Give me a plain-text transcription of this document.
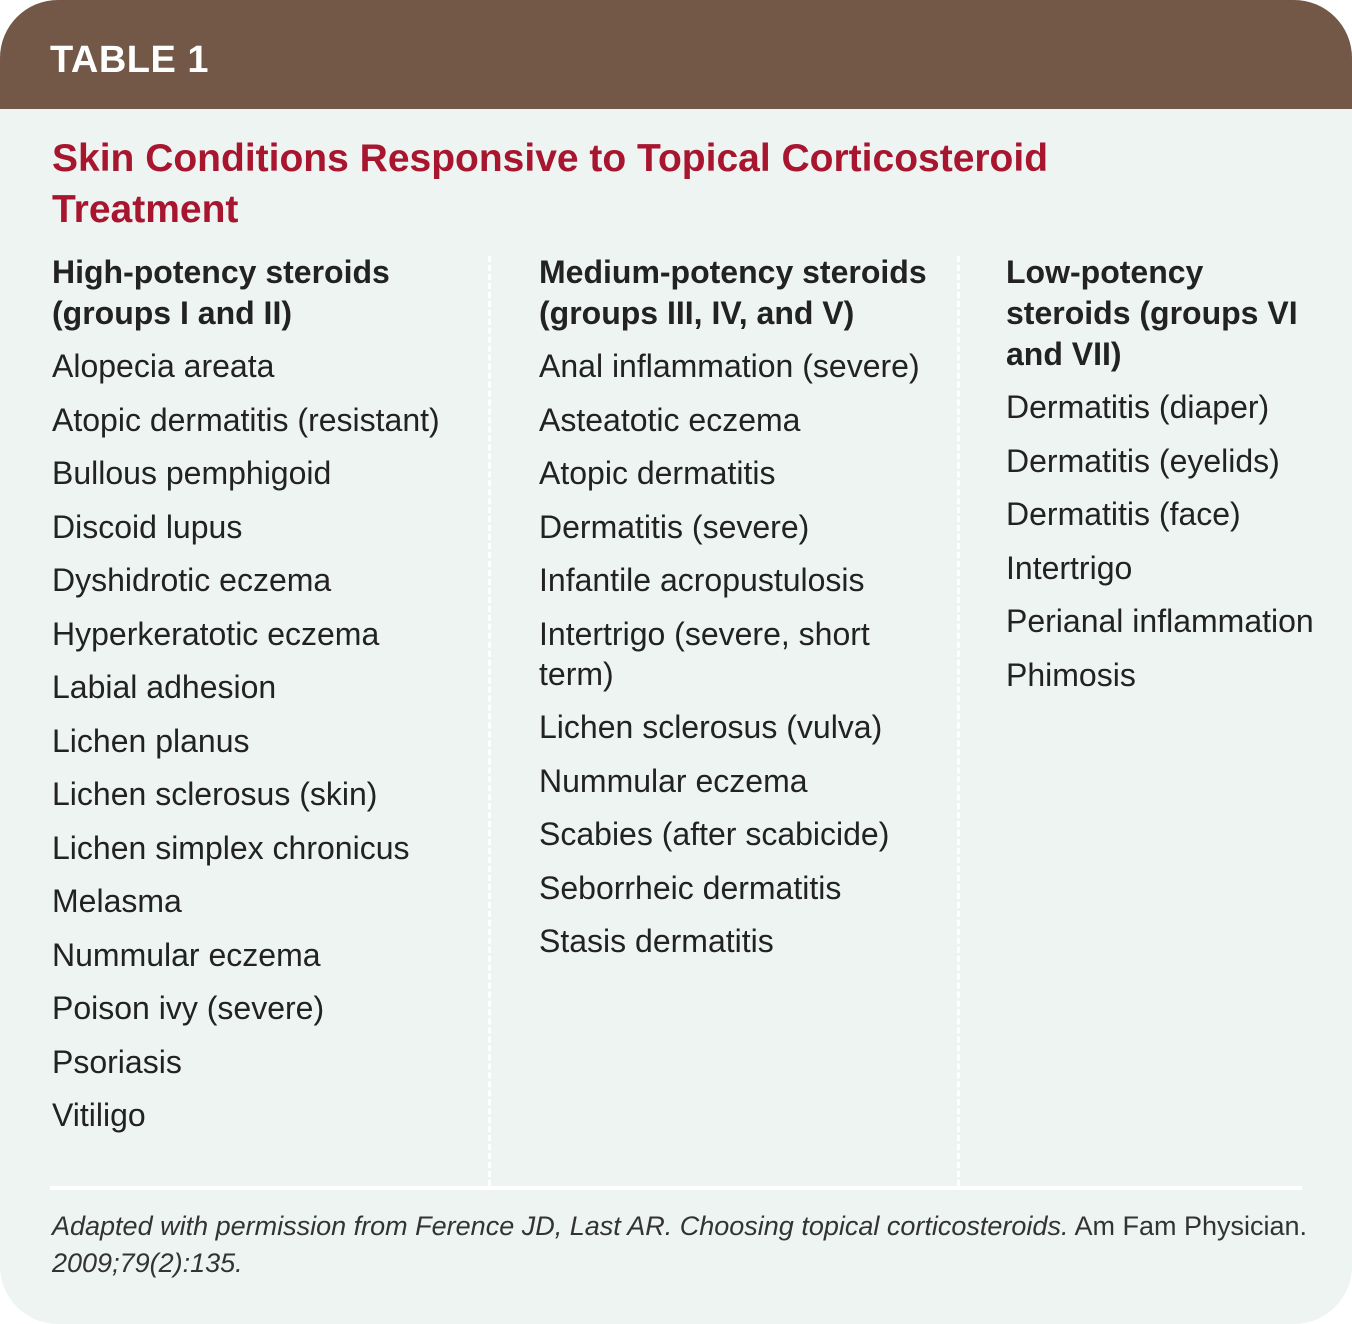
TABLE 1
Skin Conditions Responsive to Topical Corticosteroid Treatment
High-potency steroids (groups I and II)
Alopecia areata
Atopic dermatitis (resistant)
Bullous pemphigoid
Discoid lupus
Dyshidrotic eczema
Hyperkeratotic eczema
Labial adhesion
Lichen planus
Lichen sclerosus (skin)
Lichen simplex chronicus
Melasma
Nummular eczema
Poison ivy (severe)
Psoriasis
Vitiligo
Medium-potency steroids (groups III, IV, and V)
Anal inflammation (severe)
Asteatotic eczema
Atopic dermatitis
Dermatitis (severe)
Infantile acropustulosis
Intertrigo (severe, short term)
Lichen sclerosus (vulva)
Nummular eczema
Scabies (after scabicide)
Seborrheic dermatitis
Stasis dermatitis
Low-potency steroids (groups VI and VII)
Dermatitis (diaper)
Dermatitis (eyelids)
Dermatitis (face)
Intertrigo
Perianal inflammation
Phimosis
Adapted with permission from Ference JD, Last AR. Choosing topical corticosteroids. Am Fam Physician. 2009;79(2):135.
